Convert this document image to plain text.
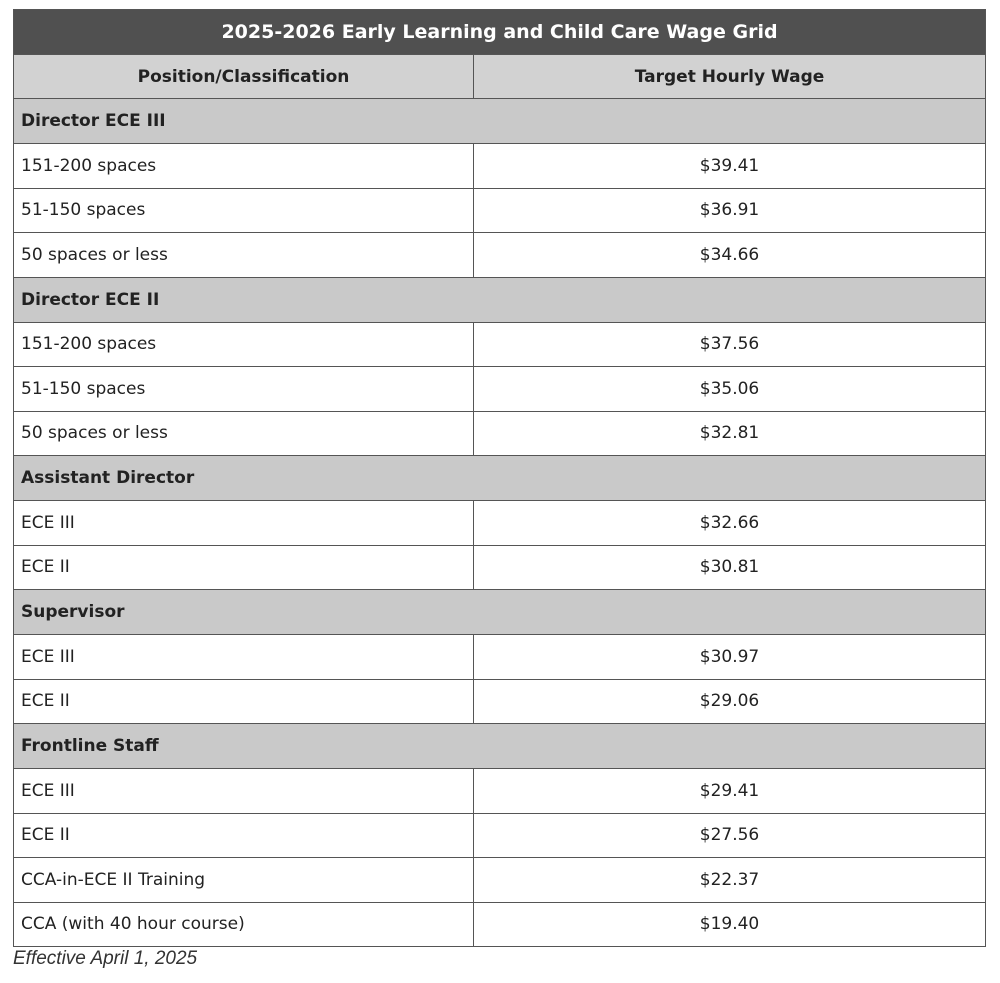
2025-2026 Early Learning and Child Care Wage Grid	
Position/Classification	Target Hourly Wage
Director ECE III	
151-200 spaces	$39.41
51-150 spaces	$36.91
50 spaces or less	$34.66
Director ECE II	
151-200 spaces	$37.56
51-150 spaces	$35.06
50 spaces or less	$32.81
Assistant Director	
ECE III	$32.66
ECE II	$30.81
Supervisor	
ECE III	$30.97
ECE II	$29.06
Frontline Staff	
ECE III	$29.41
ECE II	$27.56
CCA-in-ECE II Training	$22.37
CCA (with 40 hour course)	$19.40
Effective April 1, 2025
